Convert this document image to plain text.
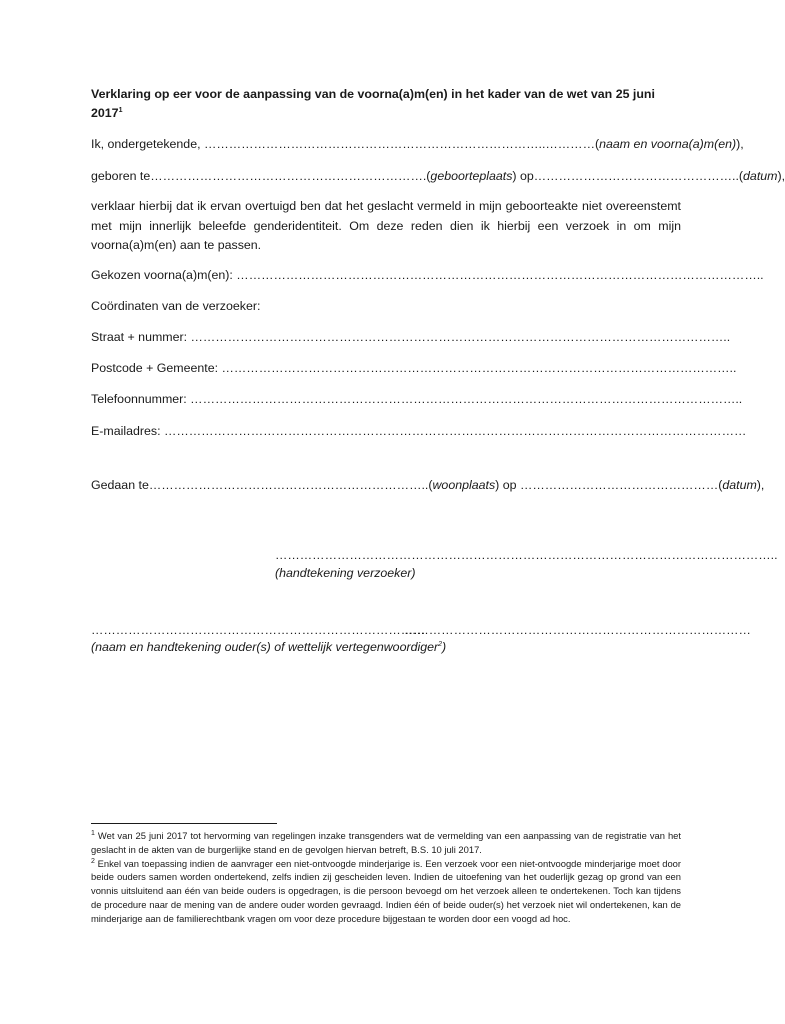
Verklaring op eer voor de aanpassing van de voorna(a)m(en) in het kader van de wet van 25 juni 2017$^1$
Ik, ondergetekende, ………………………………………………………………………..…………(naam en voorna(a)m(en)),
geboren te………………………………………………………….(geboorteplaats) op…………………………………………..(datum),
verklaar hierbij dat ik ervan overtuigd ben dat het geslacht vermeld in mijn geboorteakte niet overeenstemt met mijn innerlijk beleefde genderidentiteit. Om deze reden dien ik hierbij een verzoek in om mijn voorna(a)m(en) aan te passen.
Gekozen voorna(a)m(en): ………………………………………………………………………………………………………………..
Coördinaten van de verzoeker:
Straat + nummer: …………………………………………………………………………………………………………………..
Postcode + Gemeente: ……………………………………………………………………………………………………………..
Telefoonnummer: ……………………………………………………………………………………………………………………..
E-mailadres: ……………………………………………………………………………………………………………………………
Gedaan te…………………………………………………………..(woonplaats) op …………………………………………(datum),
…………………………………………………………………………………………………………..
(handtekening verzoeker)
………………………………………………………………………
…………………………………………………………………………
(naam en handtekening ouder(s) of wettelijk vertegenwoordiger$^2$)

$^1$ Wet van 25 juni 2017 tot hervorming van regelingen inzake transgenders wat de vermelding van een aanpassing van de registratie van het geslacht in de akten van de burgerlijke stand en de gevolgen hiervan betreft, B.S. 10 juli 2017.

$^2$ Enkel van toepassing indien de aanvrager een niet-ontvoogde minderjarige is. Een verzoek voor een niet-ontvoogde minderjarige moet door beide ouders samen worden ondertekend, zelfs indien zij gescheiden leven. Indien de uitoefening van het ouderlijk gezag op grond van een vonnis uitsluitend aan één van beide ouders is opgedragen, is die persoon bevoegd om het verzoek alleen te ondertekenen. Toch kan tijdens de procedure naar de mening van de andere ouder worden gevraagd. Indien één of beide ouder(s) het verzoek niet wil ondertekenen, kan de minderjarige aan de familierechtbank vragen om voor deze procedure bijgestaan te worden door een voogd ad hoc.
